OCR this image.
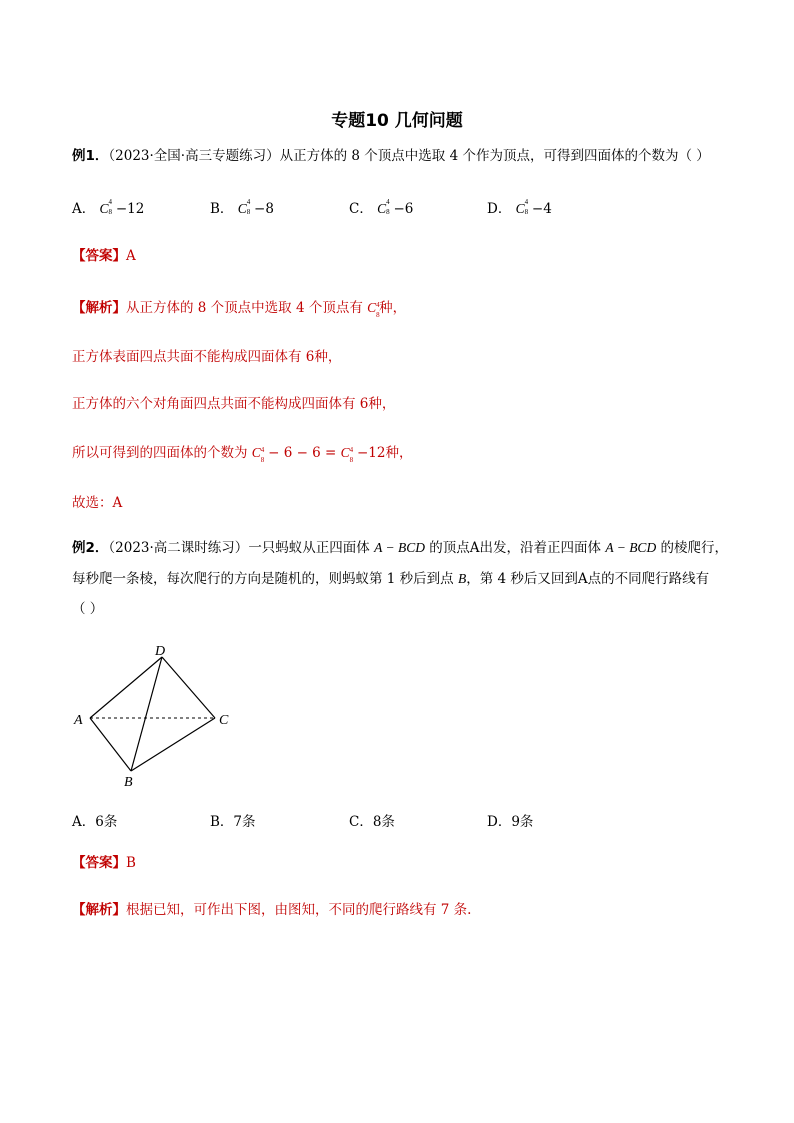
专题10 几何问题
例1．（2023·全国·高三专题练习）从正方体的 8 个顶点中选取 4 个作为顶点，可得到四面体的个数为（ ）
A． C 4
8 −12	B． C 4
8 −8	C． C 4
8 −6	D． C 4
8 −4
【答案】A
【解析】从正方体的 8 个顶点中选取 4 个顶点有 C 4
8 种，
正方体表面四点共面不能构成四面体有 6种，
正方体的六个对角面四点共面不能构成四面体有 6种，
所以可得到的四面体的个数为 C 4
8 − 6 − 6 = C 4
8 −12种，
故选：A
例2．（2023·高二课时练习）一只蚂蚁从正四面体 A − BCD 的顶点A出发，沿着正四面体 A − BCD 的棱爬行，
每秒爬一条棱，每次爬行的方向是随机的，则蚂蚁第 1 秒后到点 B，第 4 秒后又回到A点的不同爬行路线有
（ ）
A
D
C
B
A．6条	B．7条	C．8条	D．9条
【答案】B
【解析】根据已知，可作出下图，由图知，不同的爬行路线有 7 条.
